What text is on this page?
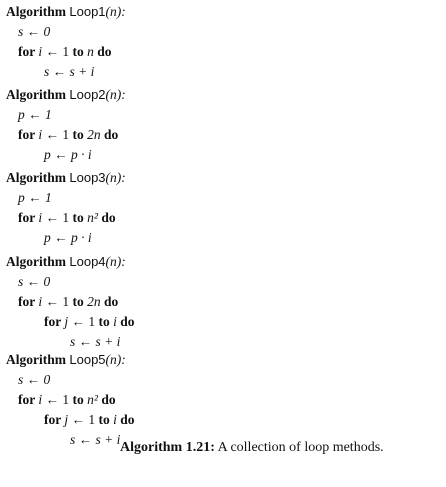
Algorithm Loop1(n):
s ← 0
for i ← 1 to n do
s ← s + i
Algorithm Loop2(n):
p ← 1
for i ← 1 to 2n do
p ← p · i
Algorithm Loop3(n):
p ← 1
for i ← 1 to n² do
p ← p · i
Algorithm Loop4(n):
s ← 0
for i ← 1 to 2n do
for j ← 1 to i do
s ← s + i
Algorithm Loop5(n):
s ← 0
for i ← 1 to n² do
for j ← 1 to i do
s ← s + i
Algorithm 1.21: A collection of loop methods.
